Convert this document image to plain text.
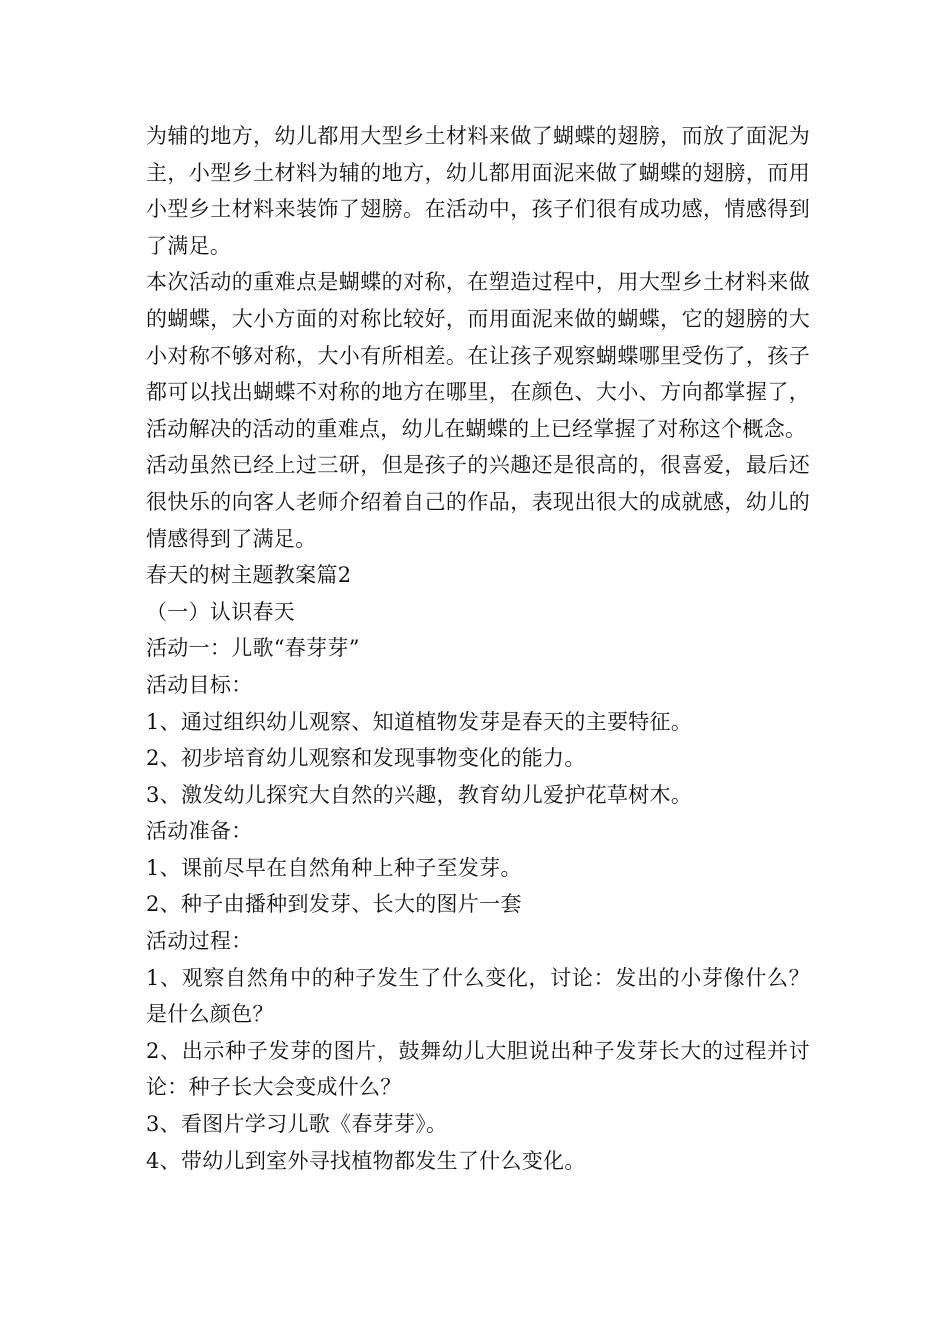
为辅的地方，幼儿都用大型乡土材料来做了蝴蝶的翅膀，而放了面泥为主，小型乡土材料为辅的地方，幼儿都用面泥来做了蝴蝶的翅膀，而用小型乡土材料来装饰了翅膀。在活动中，孩子们很有成功感，情感得到了满足。

本次活动的重难点是蝴蝶的对称，在塑造过程中，用大型乡土材料来做的蝴蝶，大小方面的对称比较好，而用面泥来做的蝴蝶，它的翅膀的大小对称不够对称，大小有所相差。在让孩子观察蝴蝶哪里受伤了，孩子都可以找出蝴蝶不对称的地方在哪里，在颜色、大小、方向都掌握了，活动解决的活动的重难点，幼儿在蝴蝶的上已经掌握了对称这个概念。

活动虽然已经上过三研，但是孩子的兴趣还是很高的，很喜爱，最后还很快乐的向客人老师介绍着自己的作品，表现出很大的成就感，幼儿的情感得到了满足。

春天的树主题教案篇2

（一）认识春天

活动一：儿歌“春芽芽”

活动目标：

1、通过组织幼儿观察、知道植物发芽是春天的主要特征。

2、初步培育幼儿观察和发现事物变化的能力。

3、激发幼儿探究大自然的兴趣，教育幼儿爱护花草树木。

活动准备：

1、课前尽早在自然角种上种子至发芽。

2、种子由播种到发芽、长大的图片一套

活动过程：

1、观察自然角中的种子发生了什么变化，讨论：发出的小芽像什么？是什么颜色？

2、出示种子发芽的图片，鼓舞幼儿大胆说出种子发芽长大的过程并讨论：种子长大会变成什么？

3、看图片学习儿歌《春芽芽》。

4、带幼儿到室外寻找植物都发生了什么变化。
